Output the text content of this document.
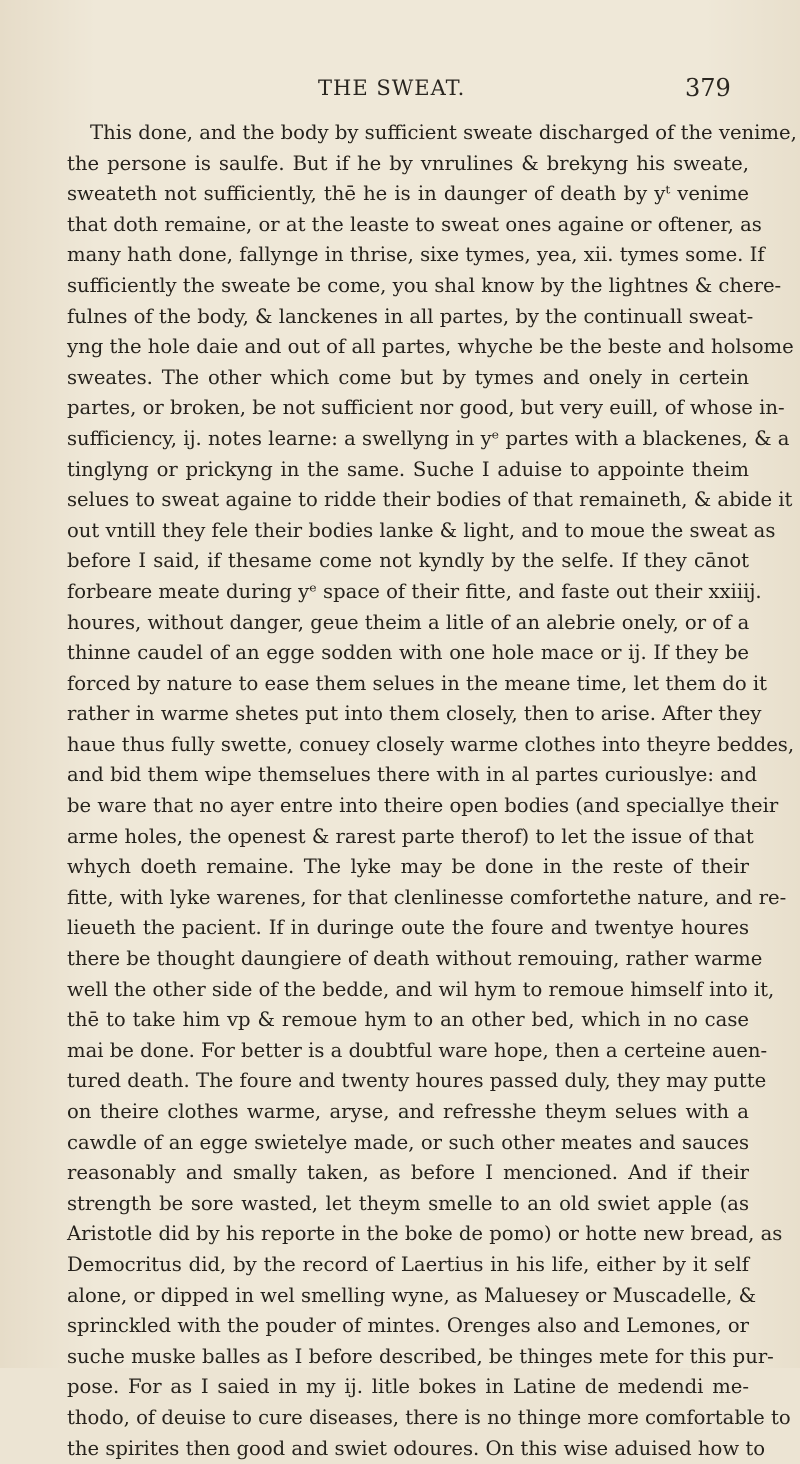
THE SWEAT.	379
This done, and the body by sufficient sweate discharged of the venime,
the persone is saulfe. But if he by vnrulines & brekyng his sweate,
sweateth not sufficiently, thē he is in daunger of death by yᵗ venime
that doth remaine, or at the leaste to sweat ones againe or oftener, as
many hath done, fallynge in thrise, sixe tymes, yea, xii. tymes some. If
sufficiently the sweate be come, you shal know by the lightnes & chere-
fulnes of the body, & lanckenes in all partes, by the continuall sweat-
yng the hole daie and out of all partes, whyche be the beste and holsome
sweates. The other which come but by tymes and onely in certein
partes, or broken, be not sufficient nor good, but very euill, of whose in-
sufficiency, ij. notes learne: a swellyng in yᵉ partes with a blackenes, & a
tinglyng or prickyng in the same. Suche I aduise to appointe theim
selues to sweat againe to ridde their bodies of that remaineth, & abide it
out vntill they fele their bodies lanke & light, and to moue the sweat as
before I said, if thesame come not kyndly by the selfe. If they cānot
forbeare meate during yᵉ space of their fitte, and faste out their xxiiij.
houres, without danger, geue theim a litle of an alebrie onely, or of a
thinne caudel of an egge sodden with one hole mace or ij. If they be
forced by nature to ease them selues in the meane time, let them do it
rather in warme shetes put into them closely, then to arise. After they
haue thus fully swette, conuey closely warme clothes into theyre beddes,
and bid them wipe themselues there with in al partes curiouslye: and
be ware that no ayer entre into theire open bodies (and speciallye their
arme holes, the openest & rarest parte therof) to let the issue of that
whych doeth remaine. The lyke may be done in the reste of their
fitte, with lyke warenes, for that clenlinesse comfortethe nature, and re-
lieueth the pacient. If in duringe oute the foure and twentye houres
there be thought daungiere of death without remouing, rather warme
well the other side of the bedde, and wil hym to remoue himself into it,
thē to take him vp & remoue hym to an other bed, which in no case
mai be done. For better is a doubtful ware hope, then a certeine auen-
tured death. The foure and twenty houres passed duly, they may putte
on theire clothes warme, aryse, and refresshe theym selues with a
cawdle of an egge swietelye made, or such other meates and sauces
reasonably and smally taken, as before I mencioned. And if their
strength be sore wasted, let theym smelle to an old swiet apple (as
Aristotle did by his reporte in the boke de pomo) or hotte new bread, as
Democritus did, by the record of Laertius in his life, either by it self
alone, or dipped in wel smelling wyne, as Maluesey or Muscadelle, &
sprinckled with the pouder of mintes. Orenges also and Lemones, or
suche muske balles as I before described, be thinges mete for this pur-
pose. For as I saied in my ij. litle bokes in Latine de medendi me-
thodo, of deuise to cure diseases, there is no thinge more comfortable to
the spirites then good and swiet odoures. On this wise aduised how to
